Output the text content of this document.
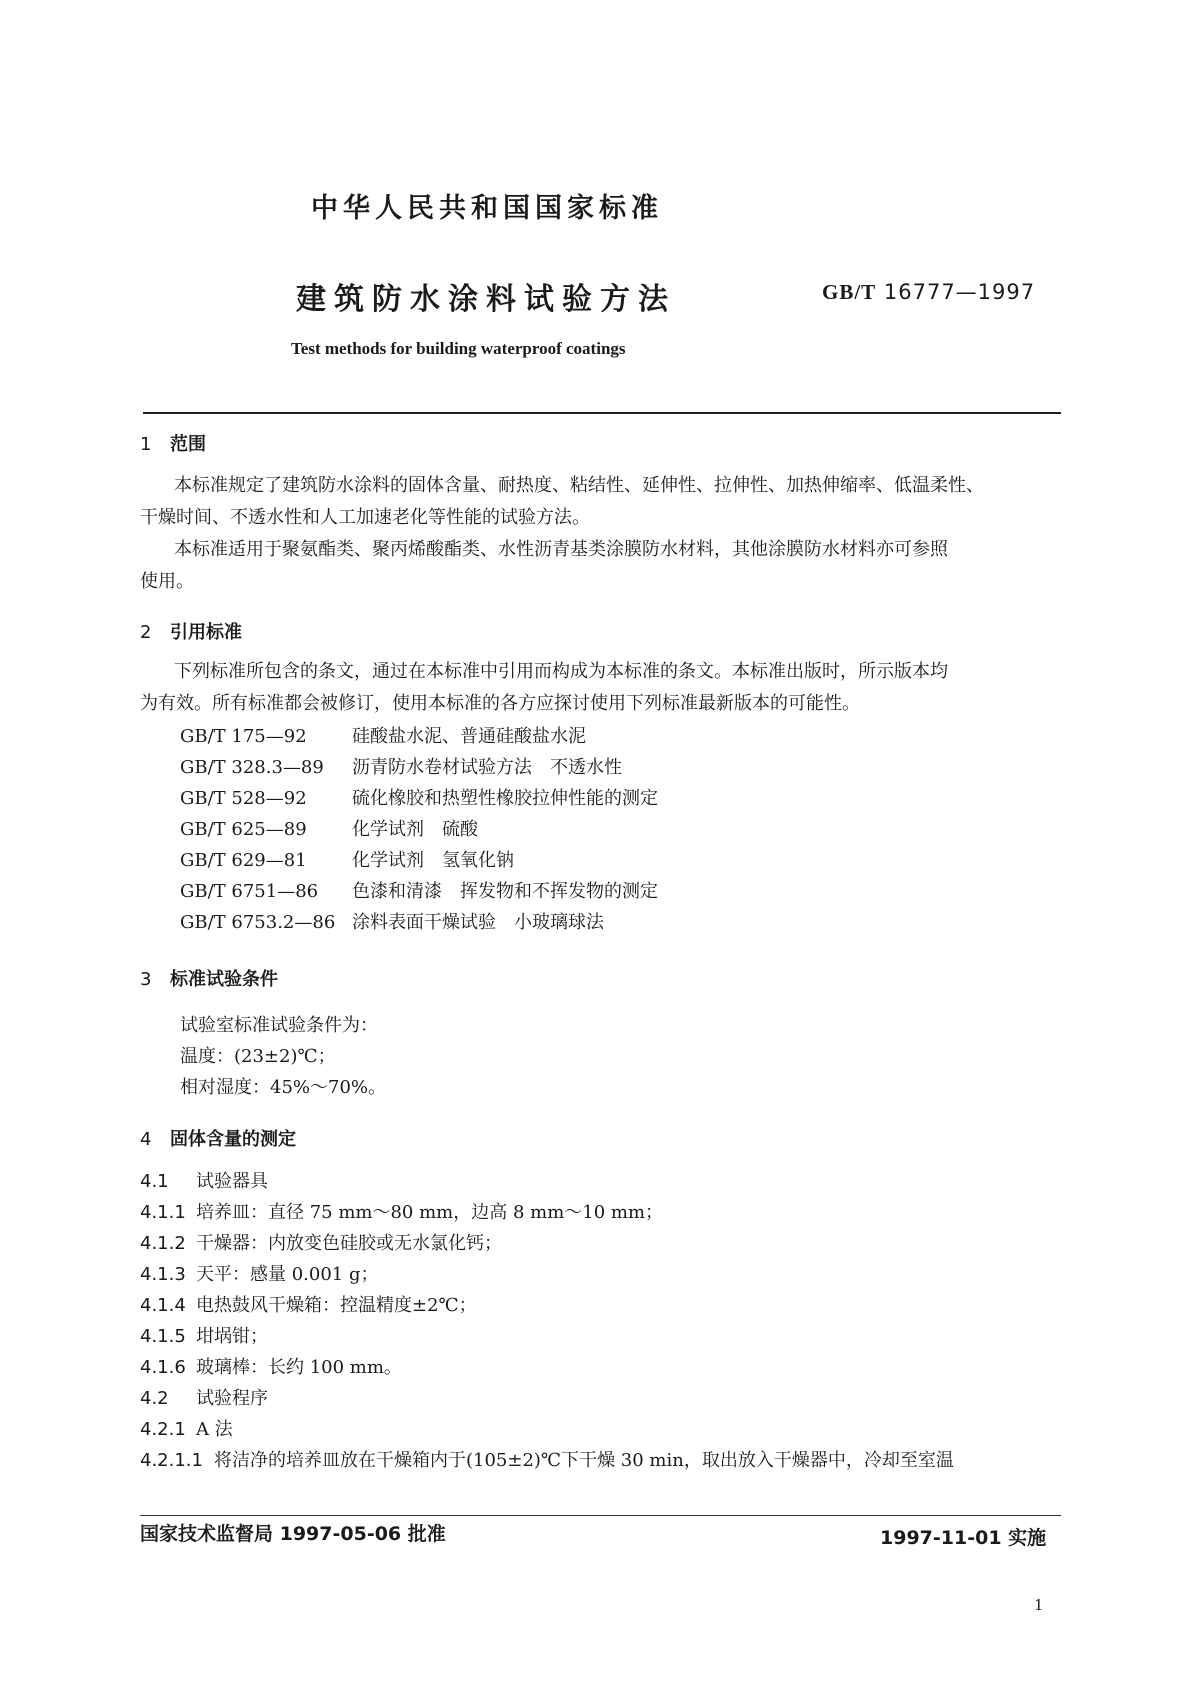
中华人民共和国国家标准
建筑防水涂料试验方法	GB/T 16777—1997
Test methods for building waterproof coatings
1 范围
本标准规定了建筑防水涂料的固体含量、耐热度、粘结性、延伸性、拉伸性、加热伸缩率、低温柔性、
干燥时间、不透水性和人工加速老化等性能的试验方法。
本标准适用于聚氨酯类、聚丙烯酸酯类、水性沥青基类涂膜防水材料，其他涂膜防水材料亦可参照
使用。
2 引用标准
下列标准所包含的条文，通过在本标准中引用而构成为本标准的条文。本标准出版时，所示版本均
为有效。所有标准都会被修订，使用本标准的各方应探讨使用下列标准最新版本的可能性。
GB/T 175—92	硅酸盐水泥、普通硅酸盐水泥
GB/T 328.3—89 沥青防水卷材试验方法　不透水性
GB/T 528—92	硫化橡胶和热塑性橡胶拉伸性能的测定
GB/T 625—89	化学试剂　硫酸
GB/T 629—81	化学试剂　氢氧化钠
GB/T 6751—86 色漆和清漆　挥发物和不挥发物的测定
GB/T 6753.2—86 涂料表面干燥试验　小玻璃球法
3 标准试验条件
试验室标准试验条件为：
温度：(23±2)℃；
相对湿度：45%～70%。
4 固体含量的测定
4.1 试验器具
4.1.1 培养皿：直径 75 mm～80 mm，边高 8 mm～10 mm；
4.1.2 干燥器：内放变色硅胶或无水氯化钙；
4.1.3 天平：感量 0.001 g；
4.1.4 电热鼓风干燥箱：控温精度±2℃；
4.1.5 坩埚钳；
4.1.6 玻璃棒：长约 100 mm。
4.2 试验程序
4.2.1 A 法
4.2.1.1 将洁净的培养皿放在干燥箱内于(105±2)℃下干燥 30 min，取出放入干燥器中，冷却至室温
国家技术监督局 1997-05-06 批准	1997-11-01 实施
1
